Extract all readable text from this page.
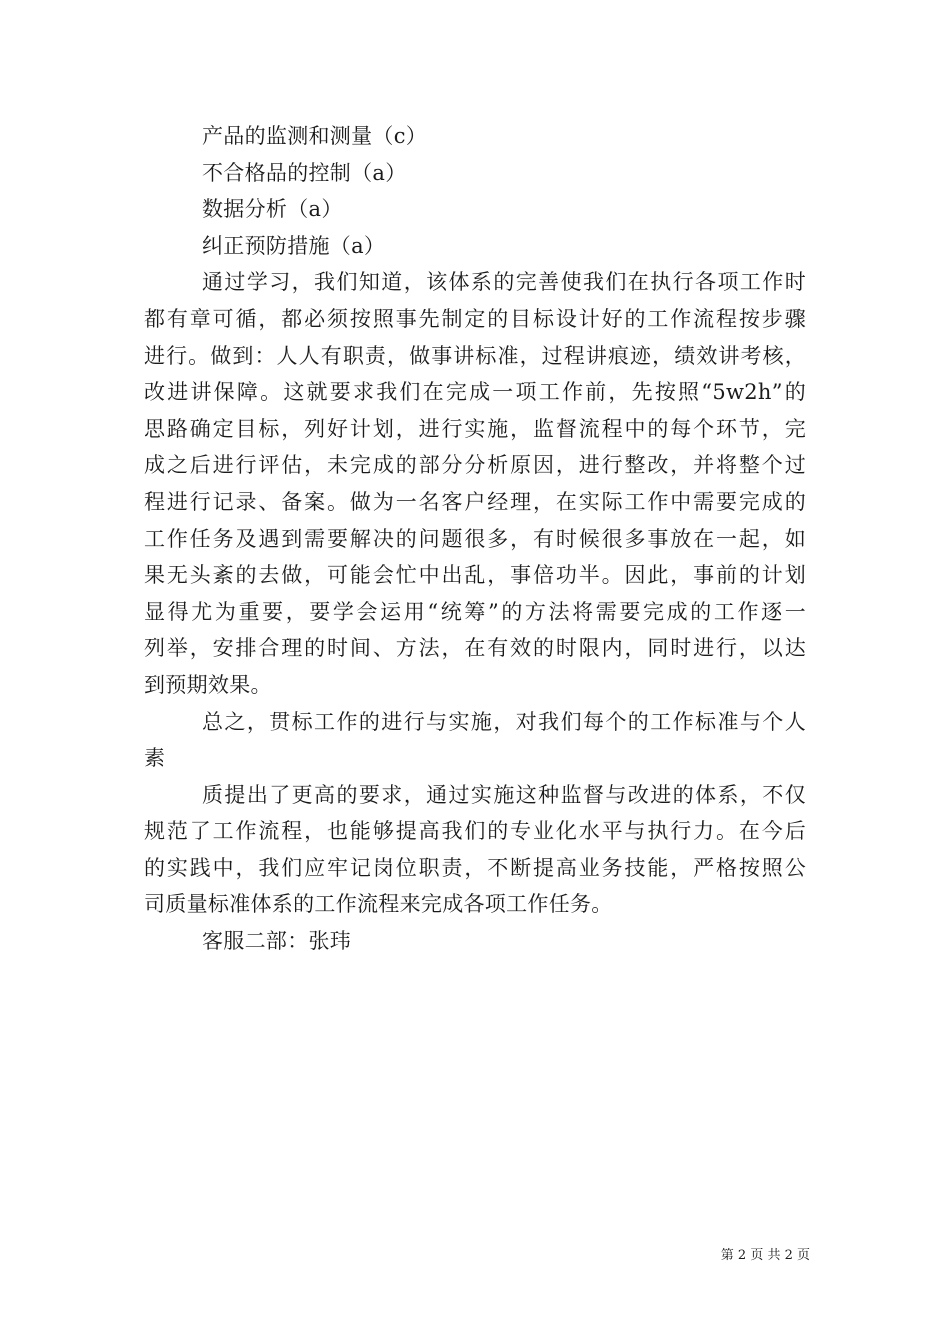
产品的监测和测量（c）
不合格品的控制（a）
数据分析（a）
纠正预防措施（a）
通过学习，我们知道，该体系的完善使我们在执行各项工作时
都有章可循，都必须按照事先制定的目标设计好的工作流程按步骤
进行。做到：人人有职责，做事讲标准，过程讲痕迹，绩效讲考核，
改进讲保障。这就要求我们在完成一项工作前，先按照“5w2h”的
思路确定目标，列好计划，进行实施，监督流程中的每个环节，完
成之后进行评估，未完成的部分分析原因，进行整改，并将整个过
程进行记录、备案。做为一名客户经理，在实际工作中需要完成的
工作任务及遇到需要解决的问题很多，有时候很多事放在一起，如
果无头紊的去做，可能会忙中出乱，事倍功半。因此，事前的计划
显得尤为重要，要学会运用“统筹”的方法将需要完成的工作逐一
列举，安排合理的时间、方法，在有效的时限内，同时进行，以达
到预期效果。
总之，贯标工作的进行与实施，对我们每个的工作标准与个人
素
质提出了更高的要求，通过实施这种监督与改进的体系，不仅
规范了工作流程，也能够提高我们的专业化水平与执行力。在今后
的实践中，我们应牢记岗位职责，不断提高业务技能，严格按照公
司质量标准体系的工作流程来完成各项工作任务。
客服二部：张玮
第 2 页 共 2 页
